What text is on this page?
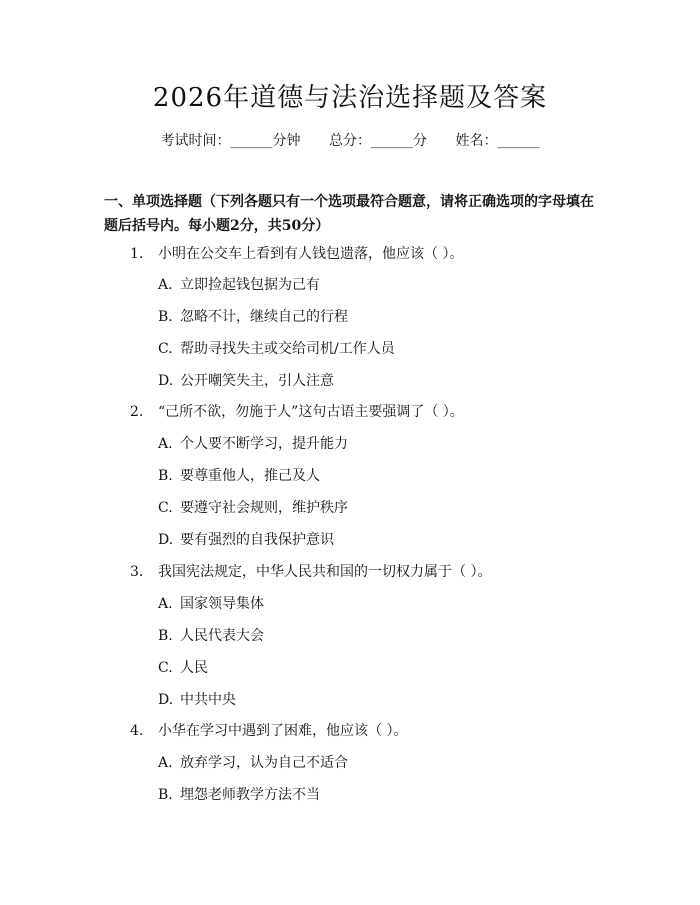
2026年道德与法治选择题及答案
考试时间：______分钟 总分：______分 姓名：______
一、单项选择题（下列各题只有一个选项最符合题意，请将正确选项的字母填在题后括号内。每小题2分，共50分）
1. 小明在公交车上看到有人钱包遗落，他应该（ ）。
A. 立即捡起钱包据为己有
B. 忽略不计，继续自己的行程
C. 帮助寻找失主或交给司机/工作人员
D. 公开嘲笑失主，引人注意
2. “己所不欲，勿施于人”这句古语主要强调了（ ）。
A. 个人要不断学习，提升能力
B. 要尊重他人，推己及人
C. 要遵守社会规则，维护秩序
D. 要有强烈的自我保护意识
3. 我国宪法规定，中华人民共和国的一切权力属于（ ）。
A. 国家领导集体
B. 人民代表大会
C. 人民
D. 中共中央
4. 小华在学习中遇到了困难，他应该（ ）。
A. 放弃学习，认为自己不适合
B. 埋怨老师教学方法不当
